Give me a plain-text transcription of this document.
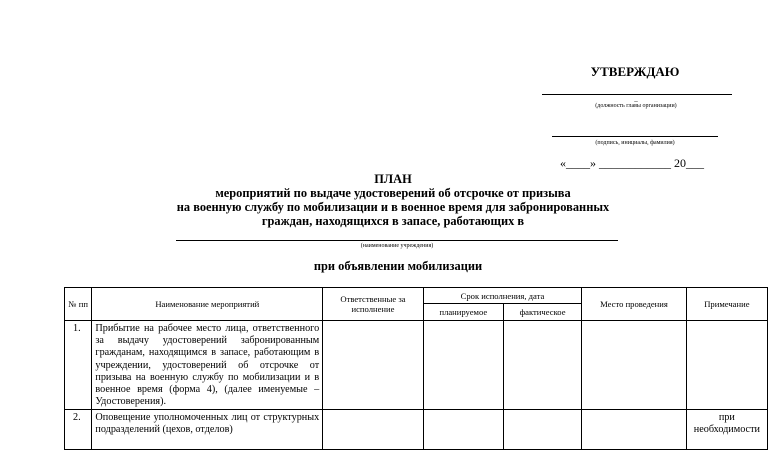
УТВЕРЖДАЮ
_
(должность главы организации)
(подпись, инициалы, фамилия)
«____» ____________ 20___
ПЛАН
мероприятий по выдаче удостоверений об отсрочке от призыва
на военную службу по мобилизации и в военное время для забронированных
граждан, находящихся в запасе, работающих в
(наименование учреждения)
при объявлении мобилизации
№ пп	Наименование мероприятий	Ответственные за исполнение	Срок исполнения, дата		Место проведения	Примечание
			планируемое	фактическое		
1.	Прибытие на рабочее место лица, ответственного за выдачу удостоверений забронированным гражданам, находящимся в запасе, работающим в учреждении, удостоверений об отсрочке от призыва на военную службу по мобилизации и в военное время (форма 4), (далее именуемые – Удостоверения).					
2.	Оповещение уполномоченных лиц от структурных подразделений (цехов, отделов)					при необходимости
